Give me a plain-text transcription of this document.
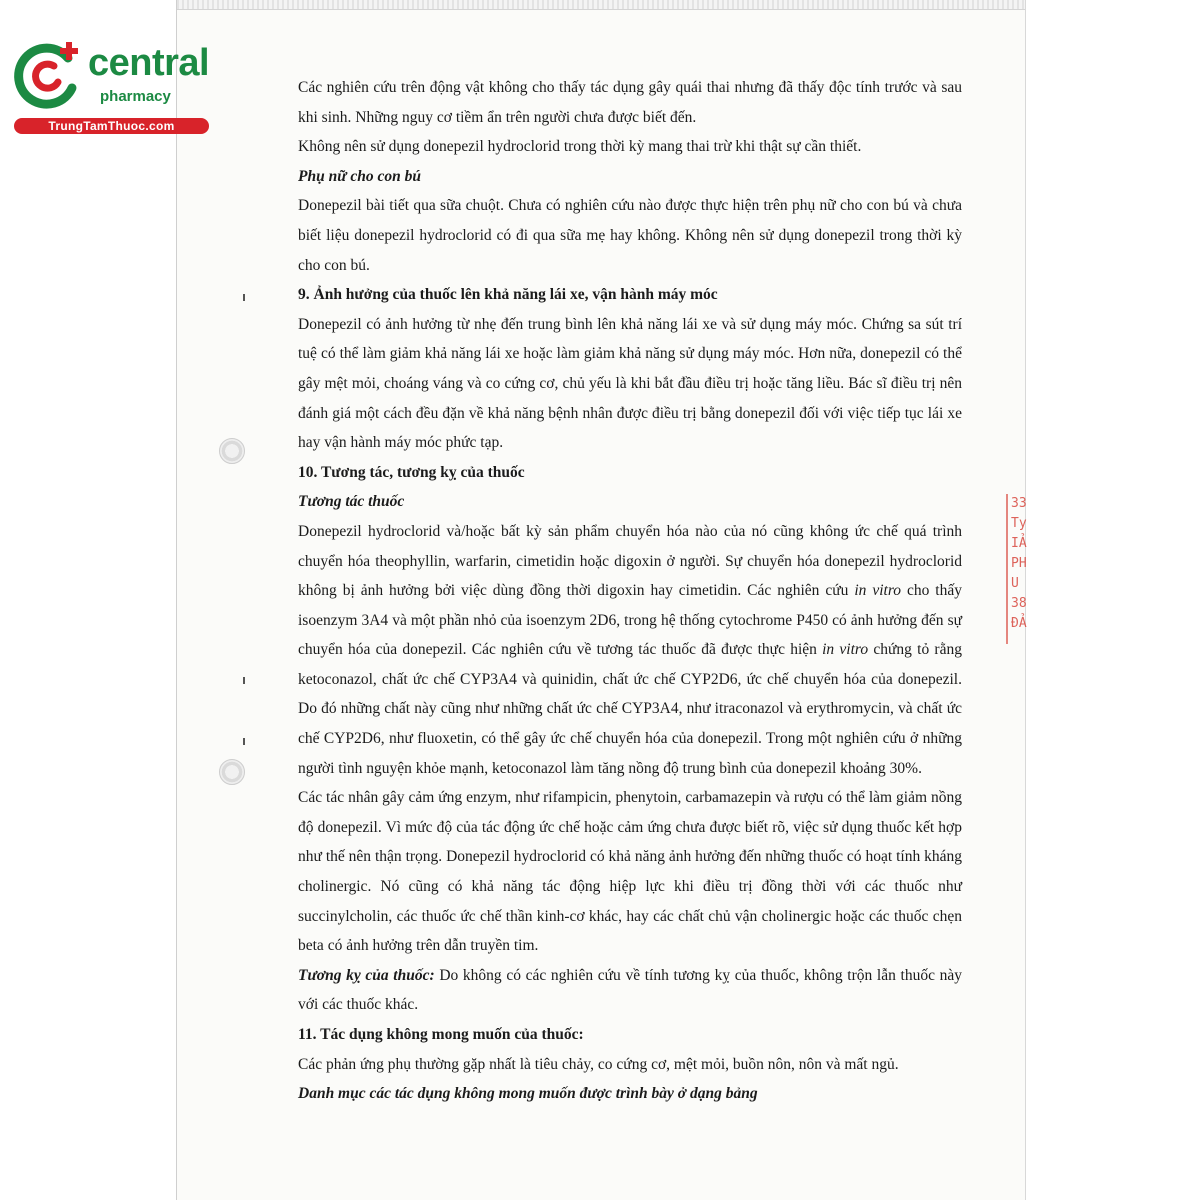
33 Ty IẢ PH U 38 ĐẢ
central
pharmacy
TrungTamThuoc.com

Các nghiên cứu trên động vật không cho thấy tác dụng gây quái thai nhưng đã thấy độc tính trước và sau khi sinh. Những nguy cơ tiềm ẩn trên người chưa được biết đến.

Không nên sử dụng donepezil hydroclorid trong thời kỳ mang thai trừ khi thật sự cần thiết.

Phụ nữ cho con bú

Donepezil bài tiết qua sữa chuột. Chưa có nghiên cứu nào được thực hiện trên phụ nữ cho con bú và chưa biết liệu donepezil hydroclorid có đi qua sữa mẹ hay không. Không nên sử dụng donepezil trong thời kỳ cho con bú.

9. Ảnh hưởng của thuốc lên khả năng lái xe, vận hành máy móc

Donepezil có ảnh hưởng từ nhẹ đến trung bình lên khả năng lái xe và sử dụng máy móc. Chứng sa sút trí tuệ có thể làm giảm khả năng lái xe hoặc làm giảm khả năng sử dụng máy móc. Hơn nữa, donepezil có thể gây mệt mỏi, choáng váng và co cứng cơ, chủ yếu là khi bắt đầu điều trị hoặc tăng liều. Bác sĩ điều trị nên đánh giá một cách đều đặn về khả năng bệnh nhân được điều trị bằng donepezil đối với việc tiếp tục lái xe hay vận hành máy móc phức tạp.

10. Tương tác, tương kỵ của thuốc

Tương tác thuốc

Donepezil hydroclorid và/hoặc bất kỳ sản phẩm chuyển hóa nào của nó cũng không ức chế quá trình chuyển hóa theophyllin, warfarin, cimetidin hoặc digoxin ở người. Sự chuyển hóa donepezil hydroclorid không bị ảnh hưởng bởi việc dùng đồng thời digoxin hay cimetidin. Các nghiên cứu in vitro cho thấy isoenzym 3A4 và một phần nhỏ của isoenzym 2D6, trong hệ thống cytochrome P450 có ảnh hưởng đến sự chuyển hóa của donepezil. Các nghiên cứu về tương tác thuốc đã được thực hiện in vitro chứng tỏ rằng ketoconazol, chất ức chế CYP3A4 và quinidin, chất ức chế CYP2D6, ức chế chuyển hóa của donepezil. Do đó những chất này cũng như những chất ức chế CYP3A4, như itraconazol và erythromycin, và chất ức chế CYP2D6, như fluoxetin, có thể gây ức chế chuyển hóa của donepezil. Trong một nghiên cứu ở những người tình nguyện khỏe mạnh, ketoconazol làm tăng nồng độ trung bình của donepezil khoảng 30%.

Các tác nhân gây cảm ứng enzym, như rifampicin, phenytoin, carbamazepin và rượu có thể làm giảm nồng độ donepezil. Vì mức độ của tác động ức chế hoặc cảm ứng chưa được biết rõ, việc sử dụng thuốc kết hợp như thế nên thận trọng. Donepezil hydroclorid có khả năng ảnh hưởng đến những thuốc có hoạt tính kháng cholinergic. Nó cũng có khả năng tác động hiệp lực khi điều trị đồng thời với các thuốc như succinylcholin, các thuốc ức chế thần kinh-cơ khác, hay các chất chủ vận cholinergic hoặc các thuốc chẹn beta có ảnh hưởng trên dẫn truyền tim.

Tương kỵ của thuốc: Do không có các nghiên cứu về tính tương kỵ của thuốc, không trộn lẫn thuốc này với các thuốc khác.

11. Tác dụng không mong muốn của thuốc:

Các phản ứng phụ thường gặp nhất là tiêu chảy, co cứng cơ, mệt mỏi, buồn nôn, nôn và mất ngủ.

Danh mục các tác dụng không mong muốn được trình bày ở dạng bảng
